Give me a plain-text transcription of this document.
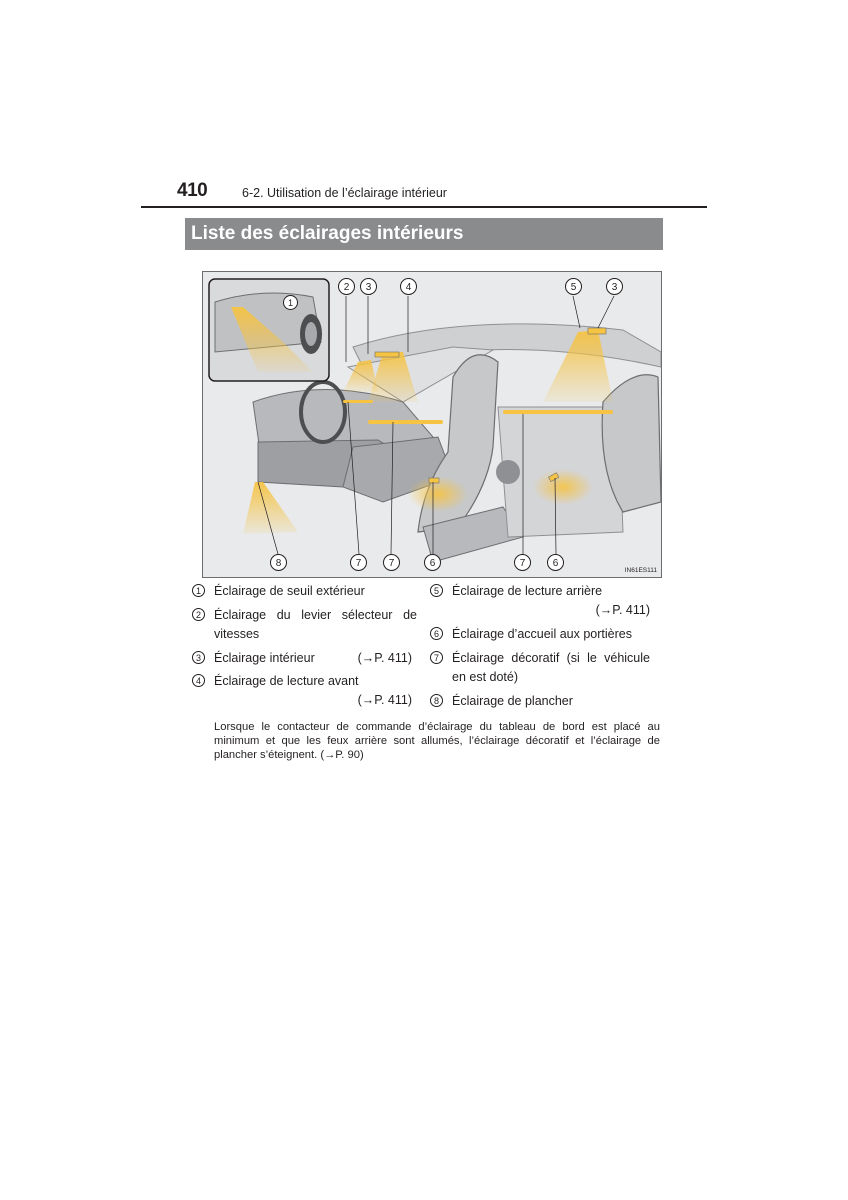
410	6-2. Utilisation de l’éclairage intérieur
Liste des éclairages intérieurs
1
2	3	4	5	3
8	7	7	6	7	6
IN61ES111
1	Éclairage de seuil extérieur
2	Éclairage du levier sélecteur de
vitesses
3	Éclairage intérieur	(→P. 411)
4	Éclairage de lecture avant
(→P. 411)
5	Éclairage de lecture arrière
(→P. 411)
6	Éclairage d’accueil aux portières
7	Éclairage décoratif (si le véhicule
en est doté)
8	Éclairage de plancher
Lorsque le contacteur de commande d’éclairage du tableau de bord est placé au minimum et que les feux arrière sont allumés, l’éclairage décoratif et l’éclairage de plancher s’éteignent. (→P. 90)
